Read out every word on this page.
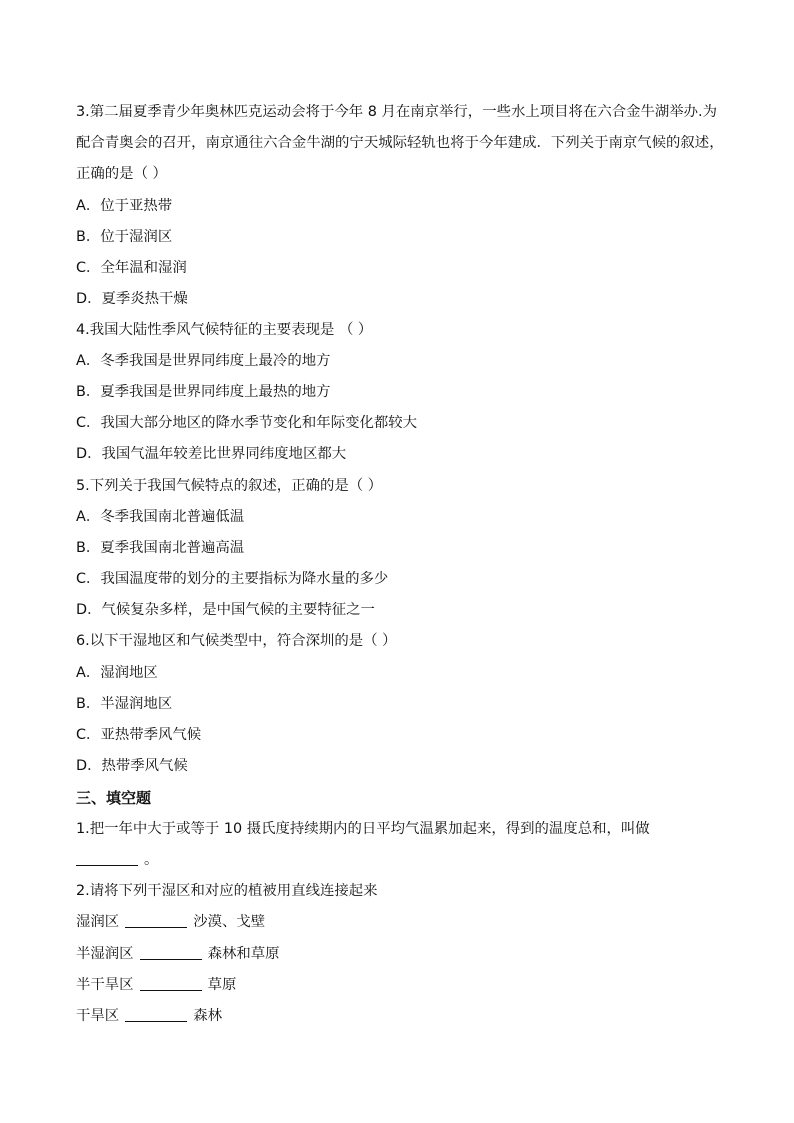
3.第二届夏季青少年奥林匹克运动会将于今年 8 月在南京举行，一些水上项目将在六合金牛湖举办.为
配合青奥会的召开，南京通往六合金牛湖的宁天城际轻轨也将于今年建成．下列关于南京气候的叙述，
正确的是（ ）
A．位于亚热带
B．位于湿润区
C．全年温和湿润
D．夏季炎热干燥
4.我国大陆性季风气候特征的主要表现是 （ ）
A．冬季我国是世界同纬度上最冷的地方
B．夏季我国是世界同纬度上最热的地方
C．我国大部分地区的降水季节变化和年际变化都较大
D．我国气温年较差比世界同纬度地区都大
5.下列关于我国气候特点的叙述，正确的是（ ）
A．冬季我国南北普遍低温
B．夏季我国南北普遍高温
C．我国温度带的划分的主要指标为降水量的多少
D．气候复杂多样，是中国气候的主要特征之一
6.以下干湿地区和气候类型中，符合深圳的是（ ）
A．湿润地区
B．半湿润地区
C．亚热带季风气候
D．热带季风气候
三、填空题
1.把一年中大于或等于 10 摄氏度持续期内的日平均气温累加起来，得到的温度总和，叫做
。
2.请将下列干湿区和对应的植被用直线连接起来
湿润区	沙漠、戈壁
半湿润区	森林和草原
半干旱区	草原
干旱区	森林
